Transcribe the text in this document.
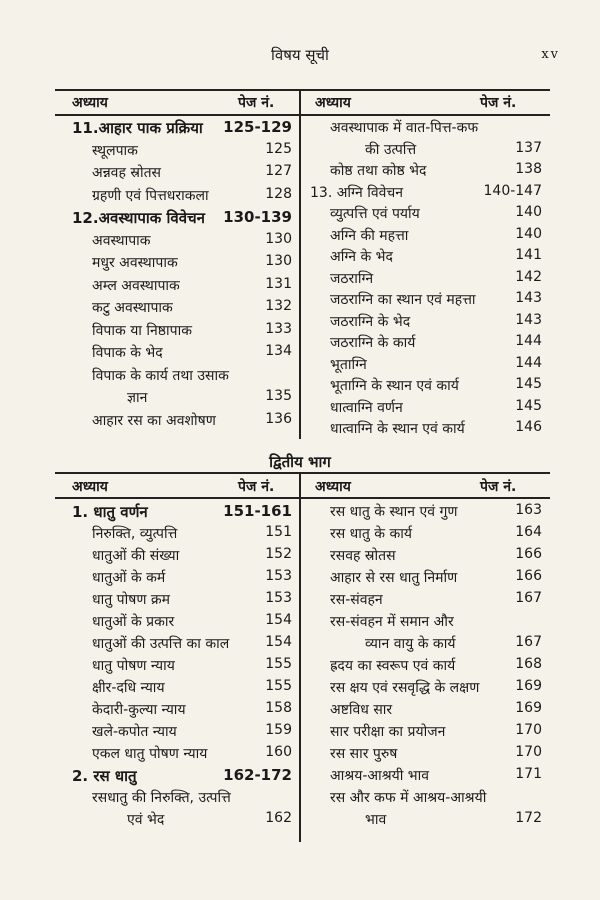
विषय सूची	xv
अध्याय	पेज नं.	अध्याय	पेज नं.
11.आहार पाक प्रक्रिया 125-129
स्थूलपाक	125
अन्नवह स्रोतस	127
ग्रहणी एवं पित्तधराकला	128
12.अवस्थापाक विवेचन 130-139
अवस्थापाक	130
मधुर अवस्थापाक	130
अम्ल अवस्थापाक	131
कटु अवस्थापाक	132
विपाक या निष्ठापाक	133
विपाक के भेद	134
विपाक के कार्य तथा उसाक
ज्ञान	135
आहार रस का अवशोषण	136
अवस्थापाक में वात-पित्त-कफ
की उत्पत्ति	137
कोष्ठ तथा कोष्ठ भेद	138
13. अग्नि विवेचन	140-147
व्युत्पत्ति एवं पर्याय	140
अग्नि की महत्ता	140
अग्नि के भेद	141
जठराग्नि	142
जठराग्नि का स्थान एवं महत्ता	143
जठराग्नि के भेद	143
जठराग्नि के कार्य	144
भूताग्नि	144
भूताग्नि के स्थान एवं कार्य	145
धात्वाग्नि वर्णन	145
धात्वाग्नि के स्थान एवं कार्य	146
द्वितीय भाग
अध्याय	पेज नं.	अध्याय	पेज नं.
1. धातु वर्णन	151-161
निरुक्ति, व्युत्पत्ति	151
धातुओं की संख्या	152
धातुओं के कर्म	153
धातु पोषण क्रम	153
धातुओं के प्रकार	154
धातुओं की उत्पत्ति का काल	154
धातु पोषण न्याय	155
क्षीर-दधि न्याय	155
केदारी-कुल्या न्याय	158
खले-कपोत न्याय	159
एकल धातु पोषण न्याय	160
2. रस धातु	162-172
रसधातु की निरुक्ति, उत्पत्ति
एवं भेद	162
रस धातु के स्थान एवं गुण	163
रस धातु के कार्य	164
रसवह स्रोतस	166
आहार से रस धातु निर्माण	166
रस-संवहन	167
रस-संवहन में समान और
व्यान वायु के कार्य	167
ह्रदय का स्वरूप एवं कार्य	168
रस क्षय एवं रसवृद्धि के लक्षण	169
अष्टविध सार	169
सार परीक्षा का प्रयोजन	170
रस सार पुरुष	170
आश्रय-आश्रयी भाव	171
रस और कफ में आश्रय-आश्रयी
भाव	172
